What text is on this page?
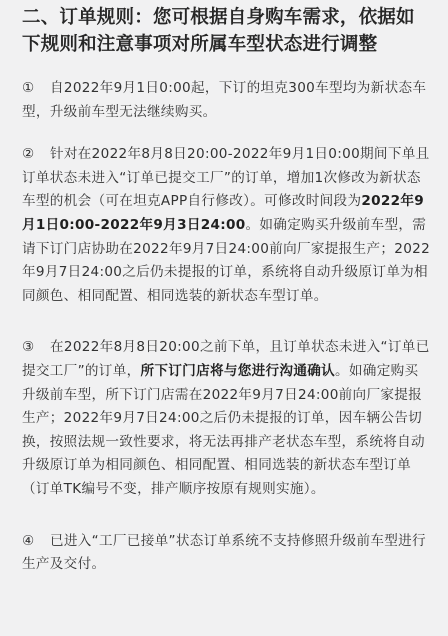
二、订单规则：您可根据自身购车需求，依据如下规则和注意事项对所属车型状态进行调整

① 自2022年9月1日0:00起，下订的坦克300车型均为新状态车型，升级前车型无法继续购买。

② 针对在2022年8月8日20:00-2022年9月1日0:00期间下单且订单状态未进入“订单已提交工厂”的订单，增加1次修改为新状态车型的机会（可在坦克APP自行修改）。可修改时间段为2022年9月1日0:00-2022年9月3日24:00。如确定购买升级前车型，需请下订门店协助在2022年9月7日24:00前向厂家提报生产；2022年9月7日24:00之后仍未提报的订单，系统将自动升级原订单为相同颜色、相同配置、相同选装的新状态车型订单。

③ 在2022年8月8日20:00之前下单，且订单状态未进入“订单已提交工厂”的订单，所下订门店将与您进行沟通确认。如确定购买升级前车型，所下订门店需在2022年9月7日24:00前向厂家提报生产；2022年9月7日24:00之后仍未提报的订单，因车辆公告切换，按照法规一致性要求，将无法再排产老状态车型，系统将自动升级原订单为相同颜色、相同配置、相同选装的新状态车型订单（订单TK编号不变，排产顺序按原有规则实施）。

④ 已进入“工厂已接单”状态订单系统不支持修照升级前车型进行生产及交付。
